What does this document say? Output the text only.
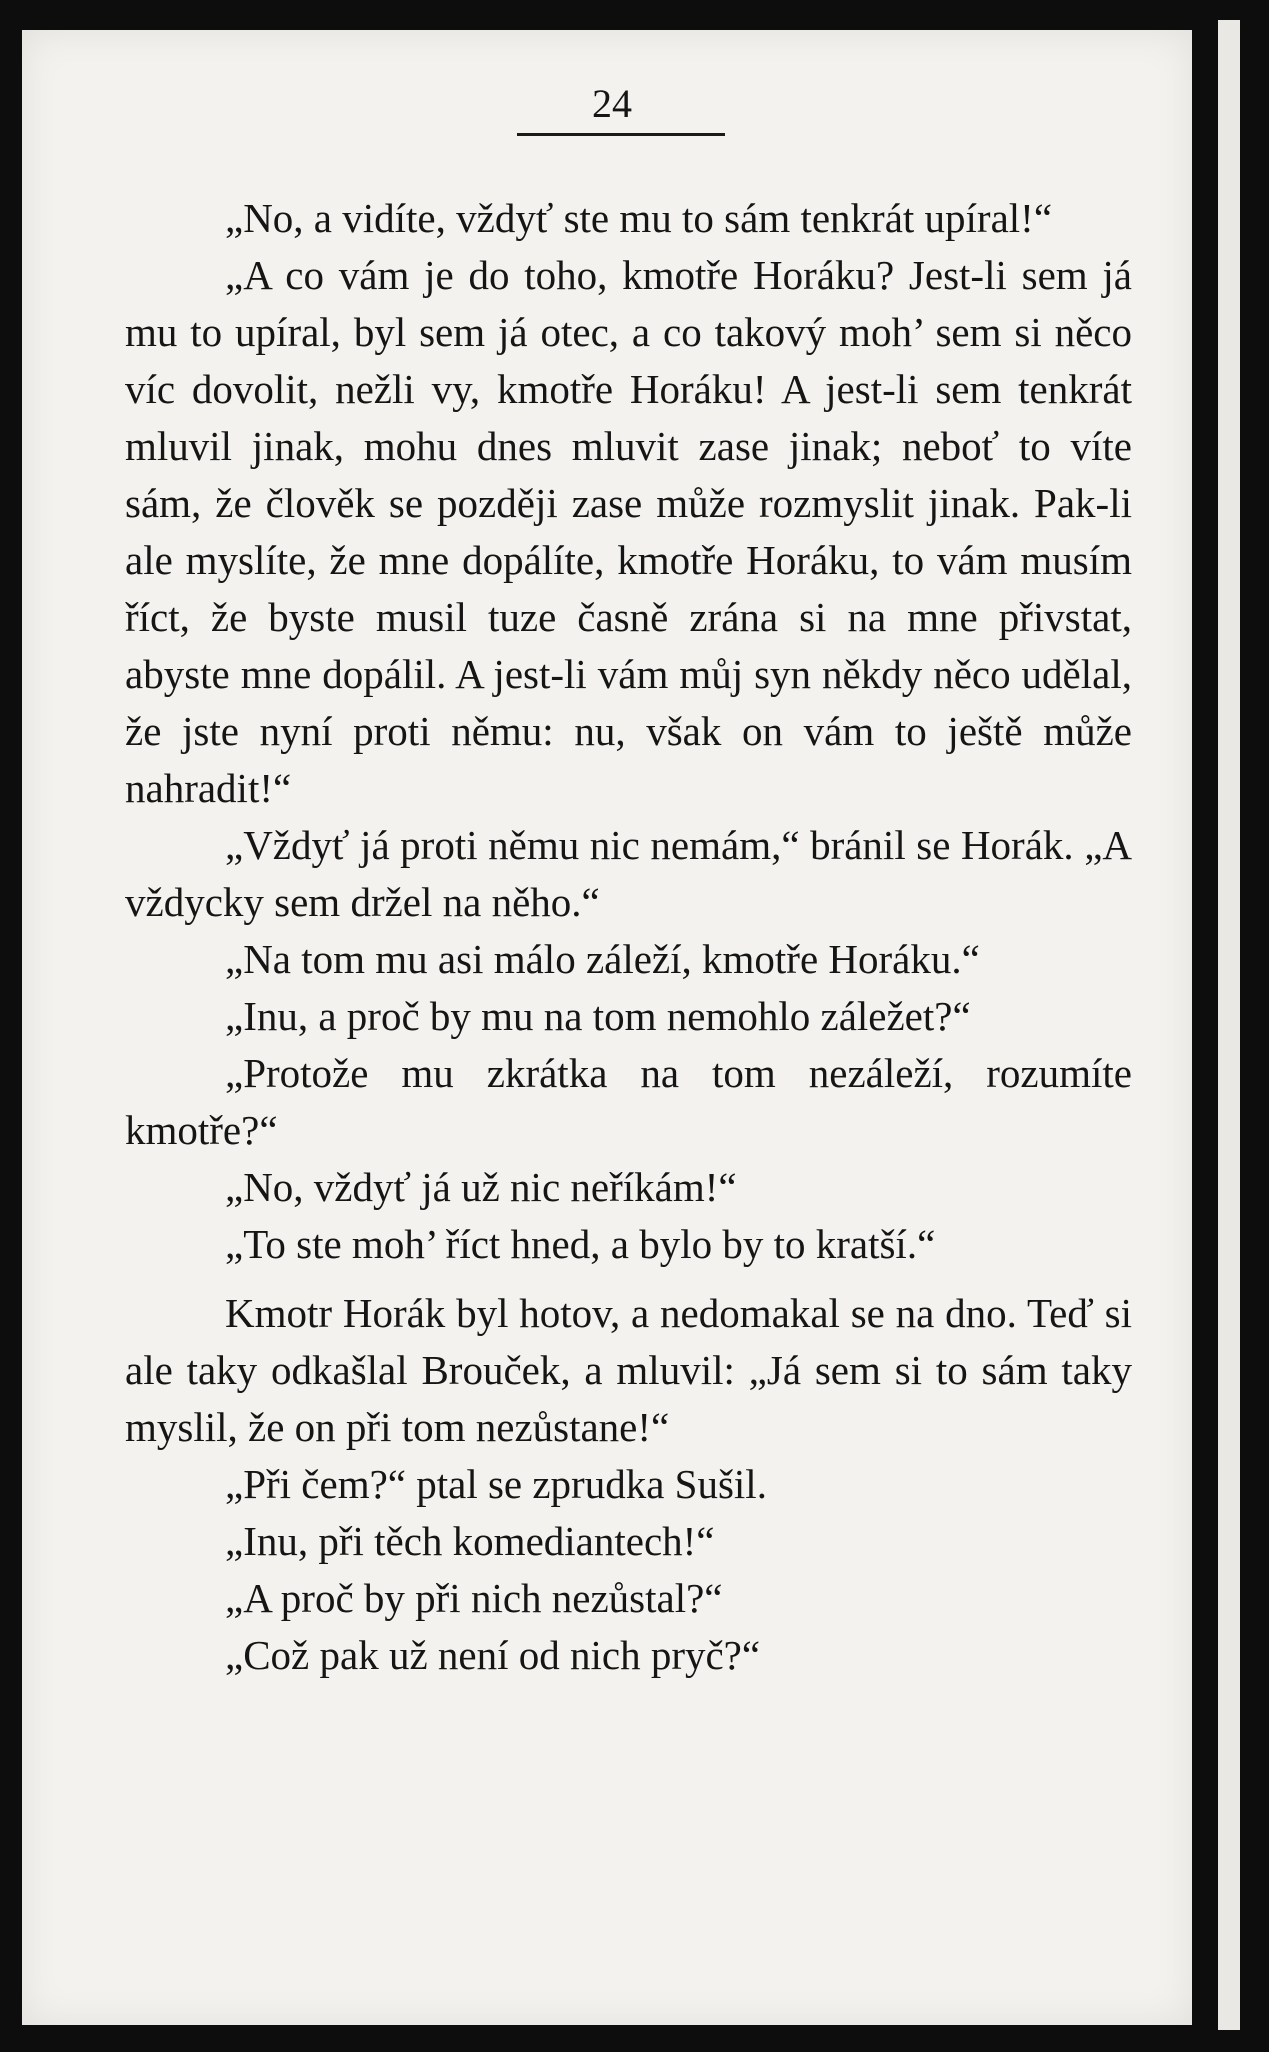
24

„No, a vidíte, vždyť ste mu to sám tenkrát upíral!“

„A co vám je do toho, kmotře Horáku? Jest-li sem já mu to upíral, byl sem já otec, a co takový moh’ sem si něco víc dovolit, nežli vy, kmotře Horáku! A jest-li sem tenkrát mluvil jinak, mohu dnes mluvit zase jinak; neboť to víte sám, že člověk se později zase může rozmyslit jinak. Pak-li ale myslíte, že mne dopálíte, kmotře Horáku, to vám musím říct, že byste musil tuze časně zrána si na mne přivstat, abyste mne dopálil. A jest-li vám můj syn někdy něco udělal, že jste nyní proti němu: nu, však on vám to ještě může nahradit!“

„Vždyť já proti němu nic nemám,“ bránil se Horák. „A vždycky sem držel na něho.“

„Na tom mu asi málo záleží, kmotře Horáku.“

„Inu, a proč by mu na tom nemohlo záležet?“

„Protože mu zkrátka na tom nezáleží, rozumíte kmotře?“

„No, vždyť já už nic neříkám!“

„To ste moh’ říct hned, a bylo by to kratší.“

Kmotr Horák byl hotov, a nedomakal se na dno. Teď si ale taky odkašlal Brouček, a mluvil: „Já sem si to sám taky myslil, že on při tom nezůstane!“

„Při čem?“ ptal se zprudka Sušil.

„Inu, při těch komediantech!“

„A proč by při nich nezůstal?“

„Což pak už není od nich pryč?“
